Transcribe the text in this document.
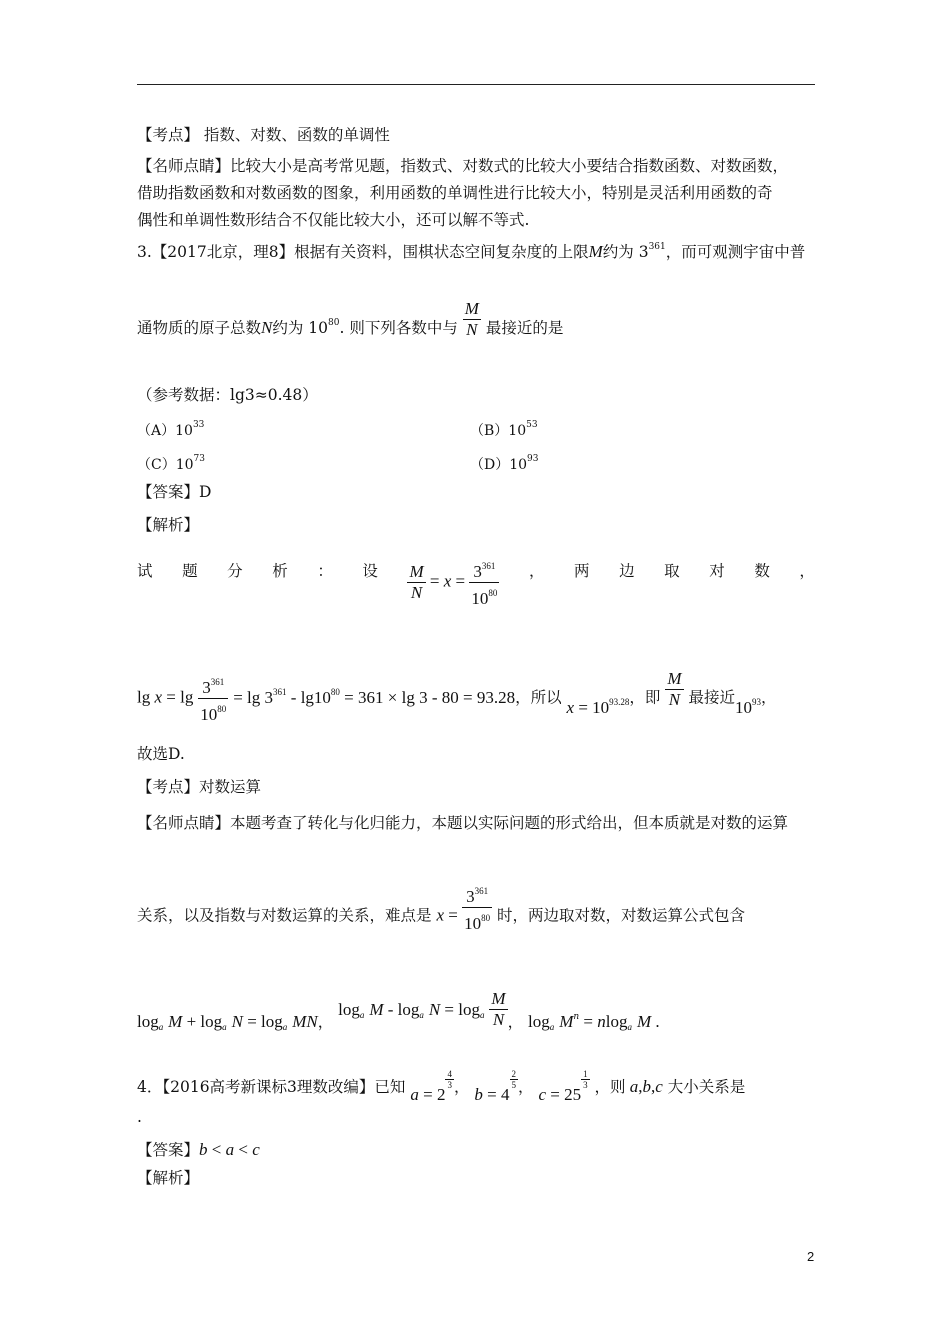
【考点】 指数、对数、函数的单调性
【名师点睛】比较大小是高考常见题，指数式、对数式的比较大小要结合指数函数、对数函数，
借助指数函数和对数函数的图象，利用函数的单调性进行比较大小，特别是灵活利用函数的奇
偶性和单调性数形结合不仅能比较大小，还可以解不等式.
3.【2017北京，理8】根据有关资料，围棋状态空间复杂度的上限M约为 $3^{361}$，而可观测宇宙中普
通物质的原子总数N约为 $10^{80}$. 则下列各数中与 $\frac{M}{N}$ 最接近的是
（参考数据：lg3≈0.48）
$(A)10^{33}$	$(B)10^{53}$
$(C)10^{73}$	$(D)10^{93}$
【答案】D
【解析】
试 题 分 析 ： 设 $\frac{M}{N} = x = \frac{3^{361}}{10^{80}}$ ， 两 边 取 对 数 ，
$\lg x = \lg \frac{3^{361}}{10^{80}} = \lg 3^{361} - \lg 10^{80} = 361 \times \lg 3 - 80 = 93.28$，所以 $x = 10^{93.28}$，即 $\frac{M}{N}$ 最接近$10^{93}$，
故选D.
【考点】对数运算
【名师点睛】本题考查了转化与化归能力，本题以实际问题的形式给出，但本质就是对数的运算
关系，以及指数与对数运算的关系，难点是 $x = \frac{3^{361}}{10^{80}}$ 时，两边取对数，对数运算公式包含
$\log_a M + \log_a N = \log_a$ MN， $\log_a M - \log_a N = \log_a \frac{M}{N}$ ， $\log_a M^n = nlog_a$ M .
4．【2016高考新课标3理数改编】已知 a = 2
$\frac{4}{3}$ ， b = 4
$\frac{2}{5}$ ， c = 25
$\frac{1}{3}$ ，则 a,b,c 大小关系是
.
【答案】b < a < c
【解析】
2
